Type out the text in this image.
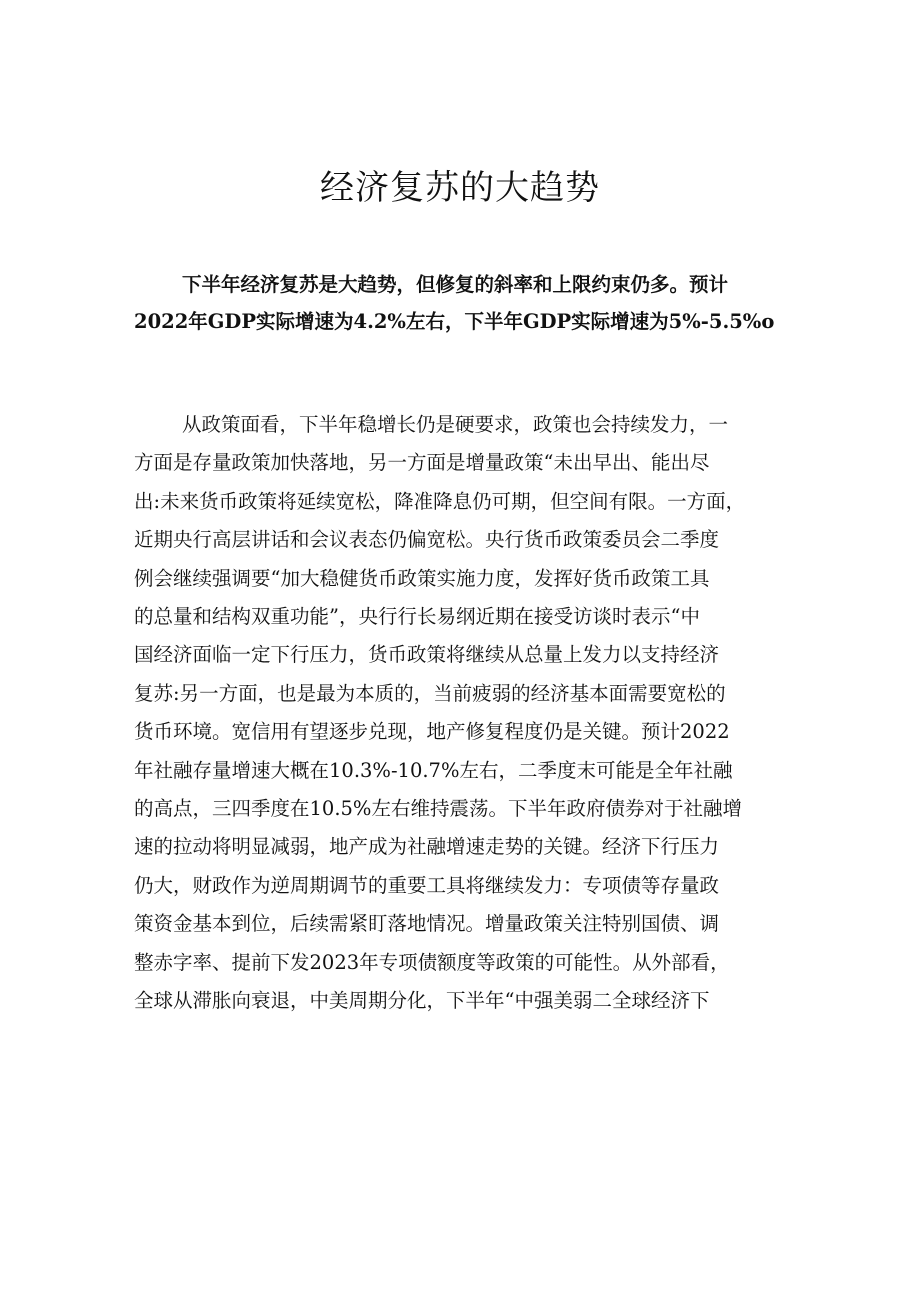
经济复苏的大趋势

下半年经济复苏是大趋势，但修复的斜率和上限约束仍多。预计
2022年GDP实际增速为4.2%左右，下半年GDP实际增速为5%-5.5%o

从政策面看，下半年稳增长仍是硬要求，政策也会持续发力，一
方面是存量政策加快落地，另一方面是增量政策“未出早出、能出尽
出:未来货币政策将延续宽松，降准降息仍可期，但空间有限。一方面，
近期央行高层讲话和会议表态仍偏宽松。央行货币政策委员会二季度
例会继续强调要“加大稳健货币政策实施力度，发挥好货币政策工具
的总量和结构双重功能”，央行行长易纲近期在接受访谈时表示“中
国经济面临一定下行压力，货币政策将继续从总量上发力以支持经济
复苏:另一方面，也是最为本质的，当前疲弱的经济基本面需要宽松的
货币环境。宽信用有望逐步兑现，地产修复程度仍是关键。预计2022
年社融存量增速大概在10.3%-10.7%左右，二季度末可能是全年社融
的高点，三四季度在10.5%左右维持震荡。下半年政府债券对于社融增
速的拉动将明显减弱，地产成为社融增速走势的关键。经济下行压力
仍大，财政作为逆周期调节的重要工具将继续发力：专项债等存量政
策资金基本到位，后续需紧盯落地情况。增量政策关注特别国债、调
整赤字率、提前下发2023年专项债额度等政策的可能性。从外部看，
全球从滞胀向衰退，中美周期分化，下半年“中强美弱二全球经济下
